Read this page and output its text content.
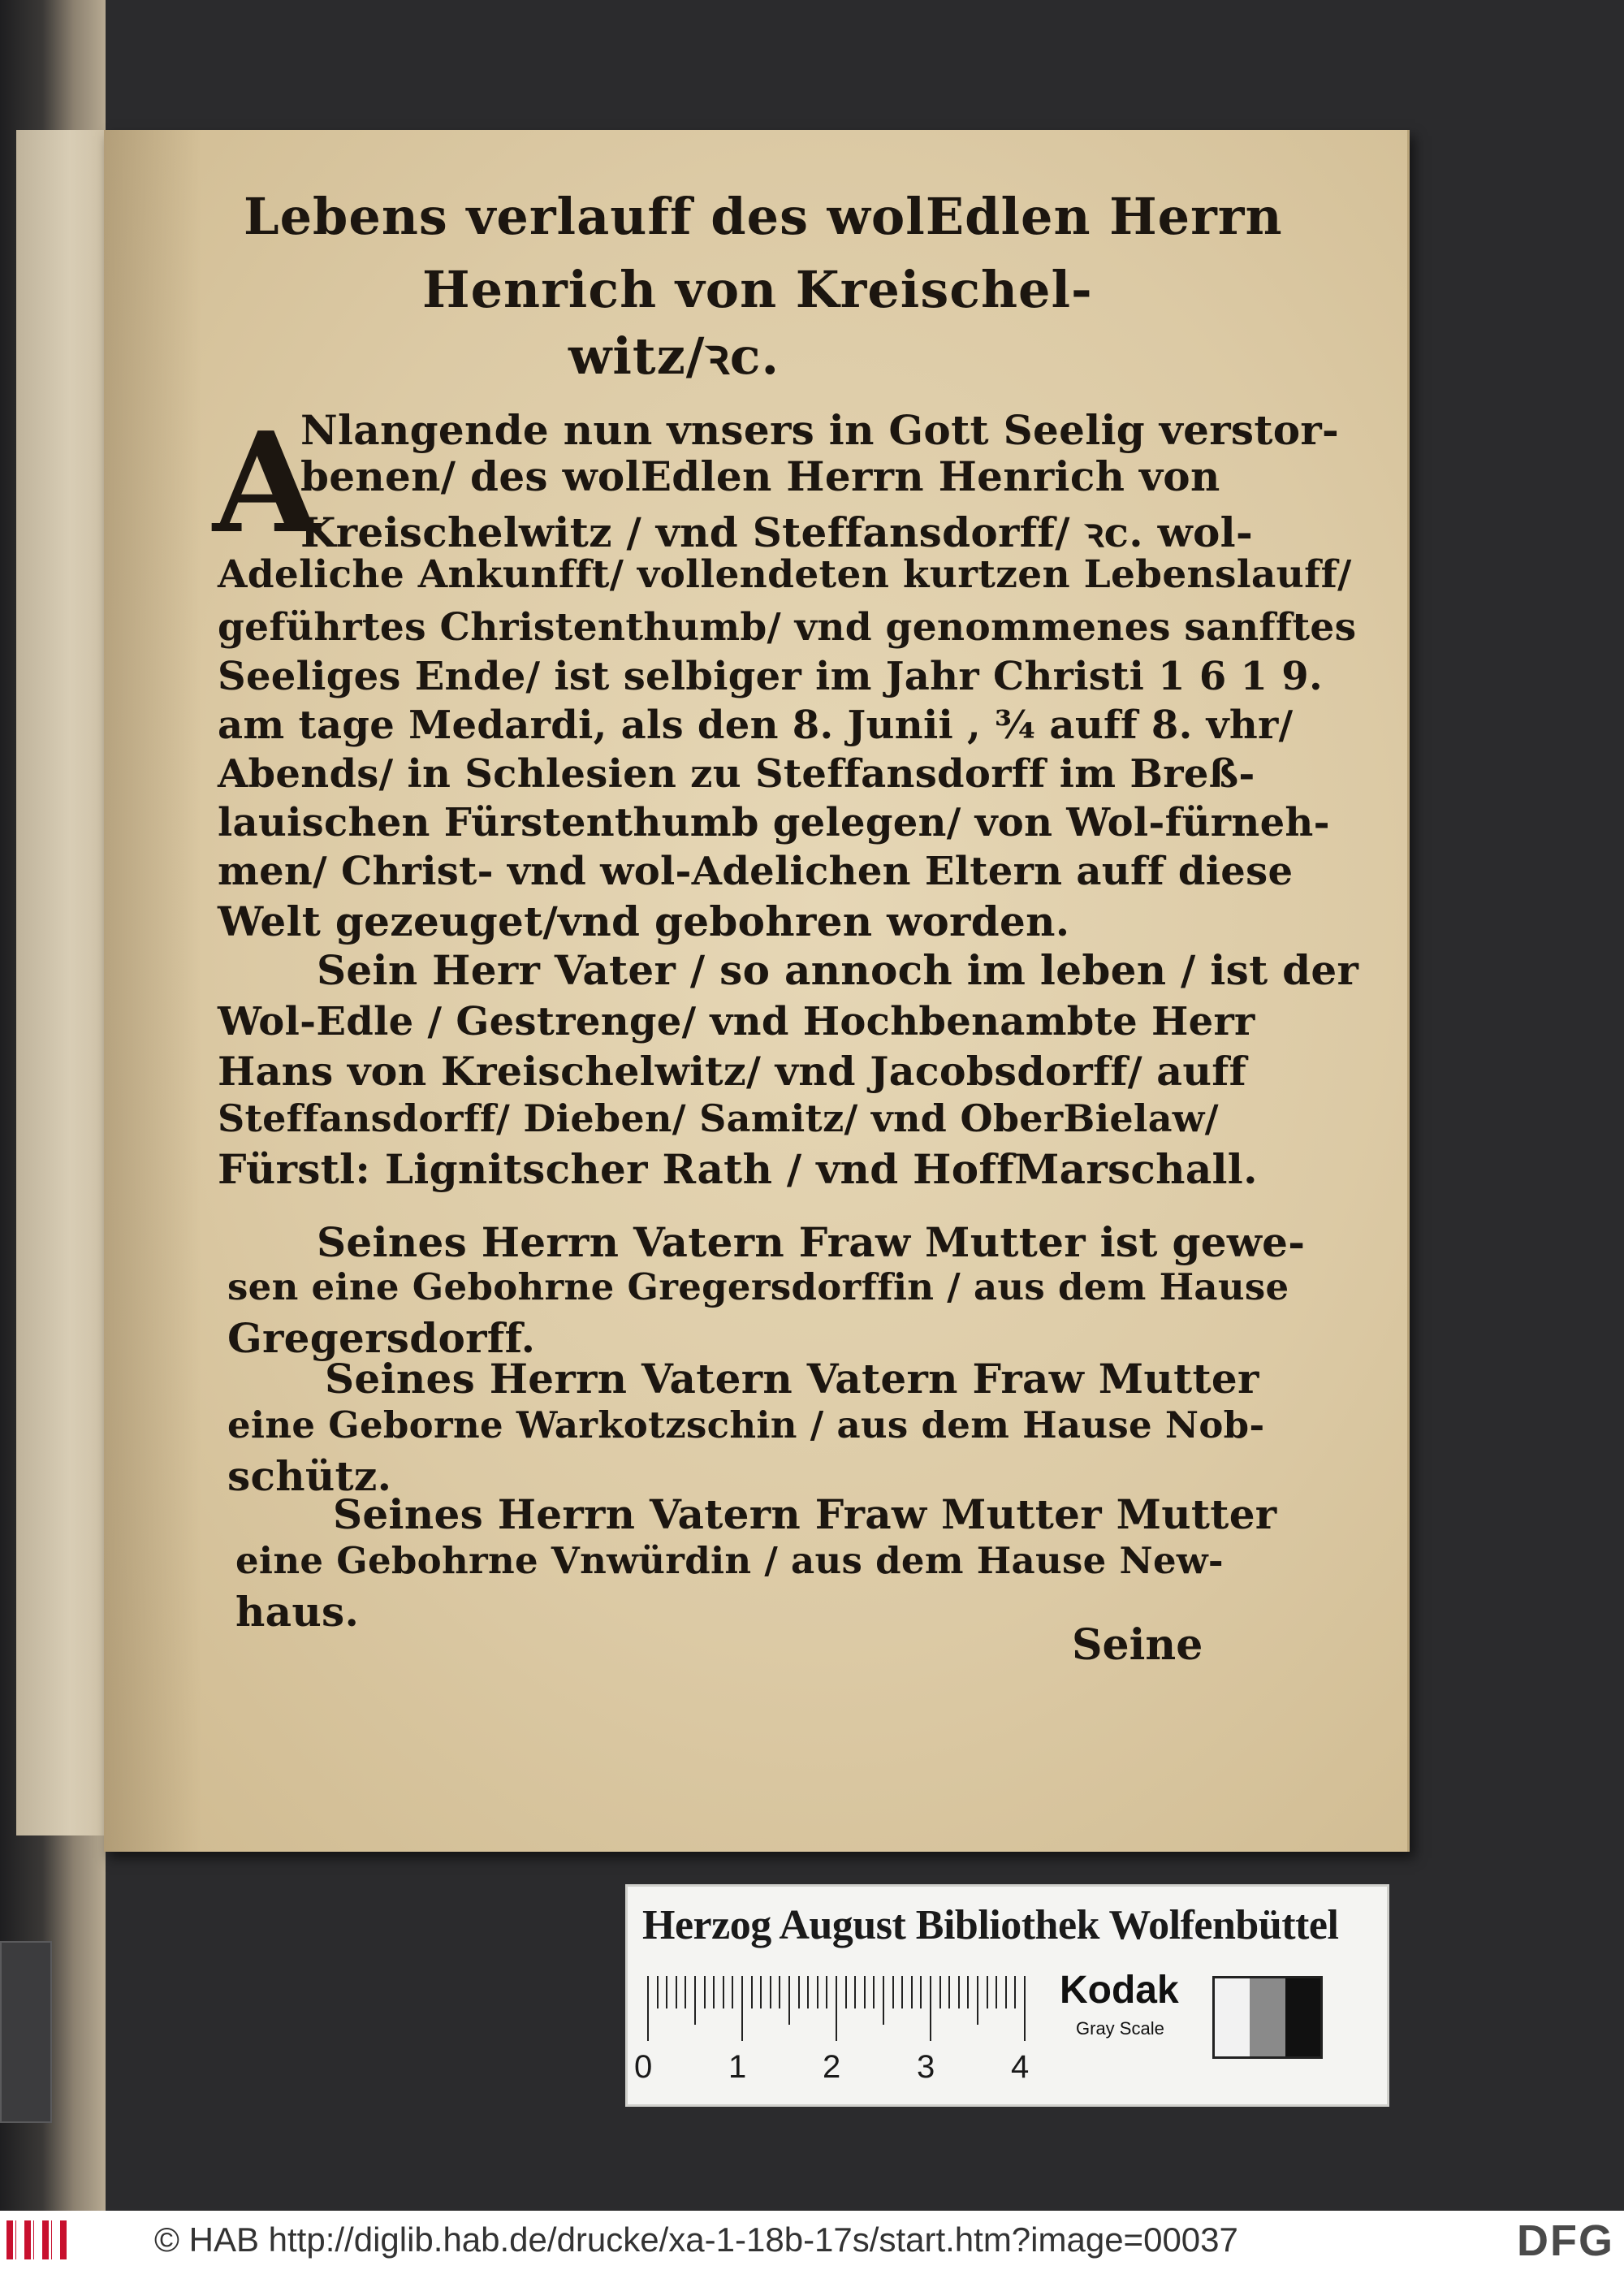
Lebens verlauff des wolEdlen Herrn
Henrich von Kreischel-
witz/ꝛc.
A
Nlangende nun vnsers in Gott Seelig verstor-
benen/ des wolEdlen Herrn Henrich von
Kreischelwitz / vnd Steffansdorff/ ꝛc. wol-
Adeliche Ankunfft/ vollendeten kurtzen Lebenslauff/
geführtes Christenthumb/ vnd genommenes sanfftes
Seeliges Ende/ ist selbiger im Jahr Christi 1 6 1 9.
am tage Medardi, als den 8. Junii , ¾ auff 8. vhr/
Abends/ in Schlesien zu Steffansdorff im Breß-
lauischen Fürstenthumb gelegen/ von Wol-fürneh-
men/ Christ- vnd wol-Adelichen Eltern auff diese
Welt gezeuget/vnd gebohren worden.
Sein Herr Vater / so annoch im leben / ist der
Wol-Edle / Gestrenge/ vnd Hochbenambte Herr
Hans von Kreischelwitz/ vnd Jacobsdorff/ auff
Steffansdorff/ Dieben/ Samitz/ vnd OberBielaw/
Fürstl: Lignitscher Rath / vnd HoffMarschall.
Seines Herrn Vatern Fraw Mutter ist gewe-
sen eine Gebohrne Gregersdorffin / aus dem Hause
Gregersdorff.
Seines Herrn Vatern Vatern Fraw Mutter
eine Geborne Warkotzschin / aus dem Hause Nob-
schütz.
Seines Herrn Vatern Fraw Mutter Mutter
eine Gebohrne Vnwürdin / aus dem Hause New-
haus.
Seine
Herzog August Bibliothek Wolfenbüttel
0 1 2 3 4
Kodak
Gray Scale
© HAB http://diglib.hab.de/drucke/xa-1-18b-17s/start.htm?image=00037	DFG
